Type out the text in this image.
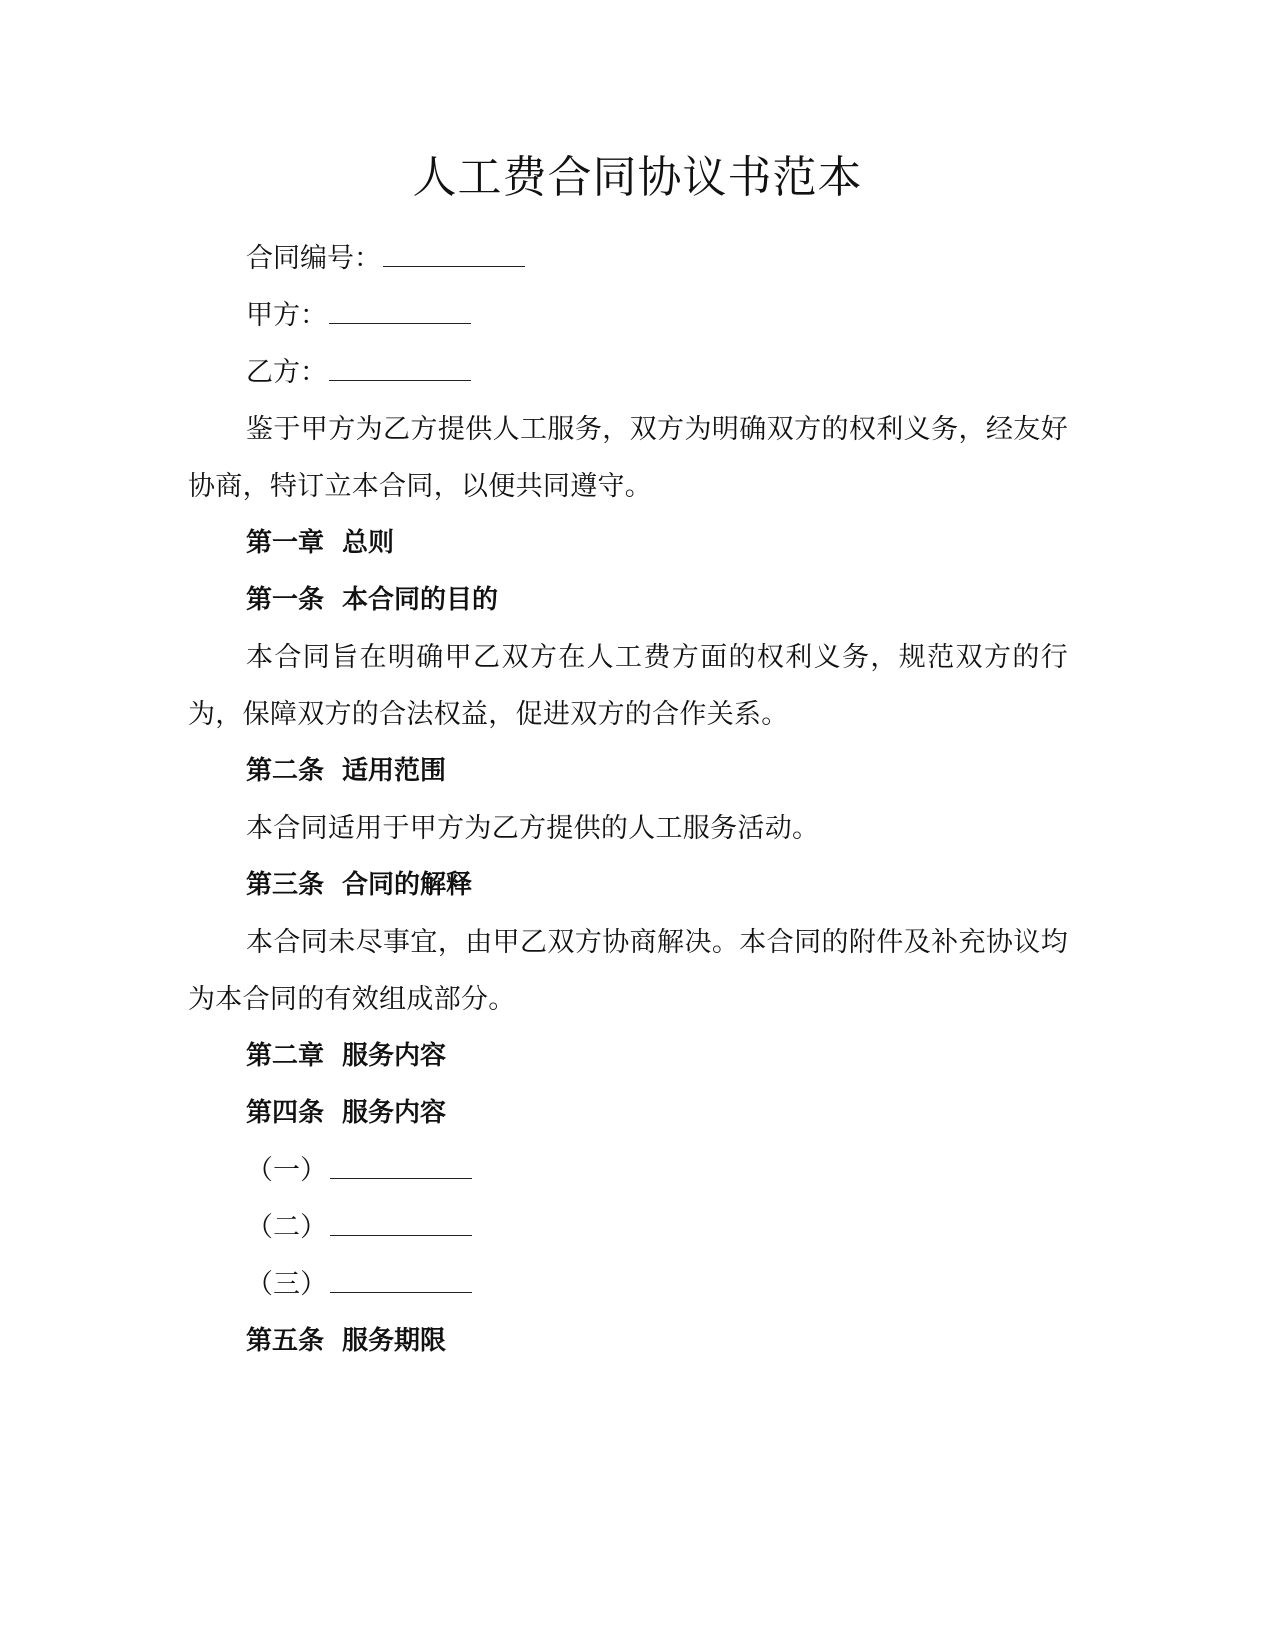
人工费合同协议书范本
合同编号：
甲方：
乙方：
鉴于甲方为乙方提供人工服务，双方为明确双方的权利义务，经友好协商，特订立本合同，以便共同遵守。
第一章 总则
第一条 本合同的目的
本合同旨在明确甲乙双方在人工费方面的权利义务，规范双方的行为，保障双方的合法权益，促进双方的合作关系。
第二条 适用范围
本合同适用于甲方为乙方提供的人工服务活动。
第三条 合同的解释
本合同未尽事宜，由甲乙双方协商解决。本合同的附件及补充协议均为本合同的有效组成部分。
第二章 服务内容
第四条 服务内容
（一）
（二）
（三）
第五条 服务期限
